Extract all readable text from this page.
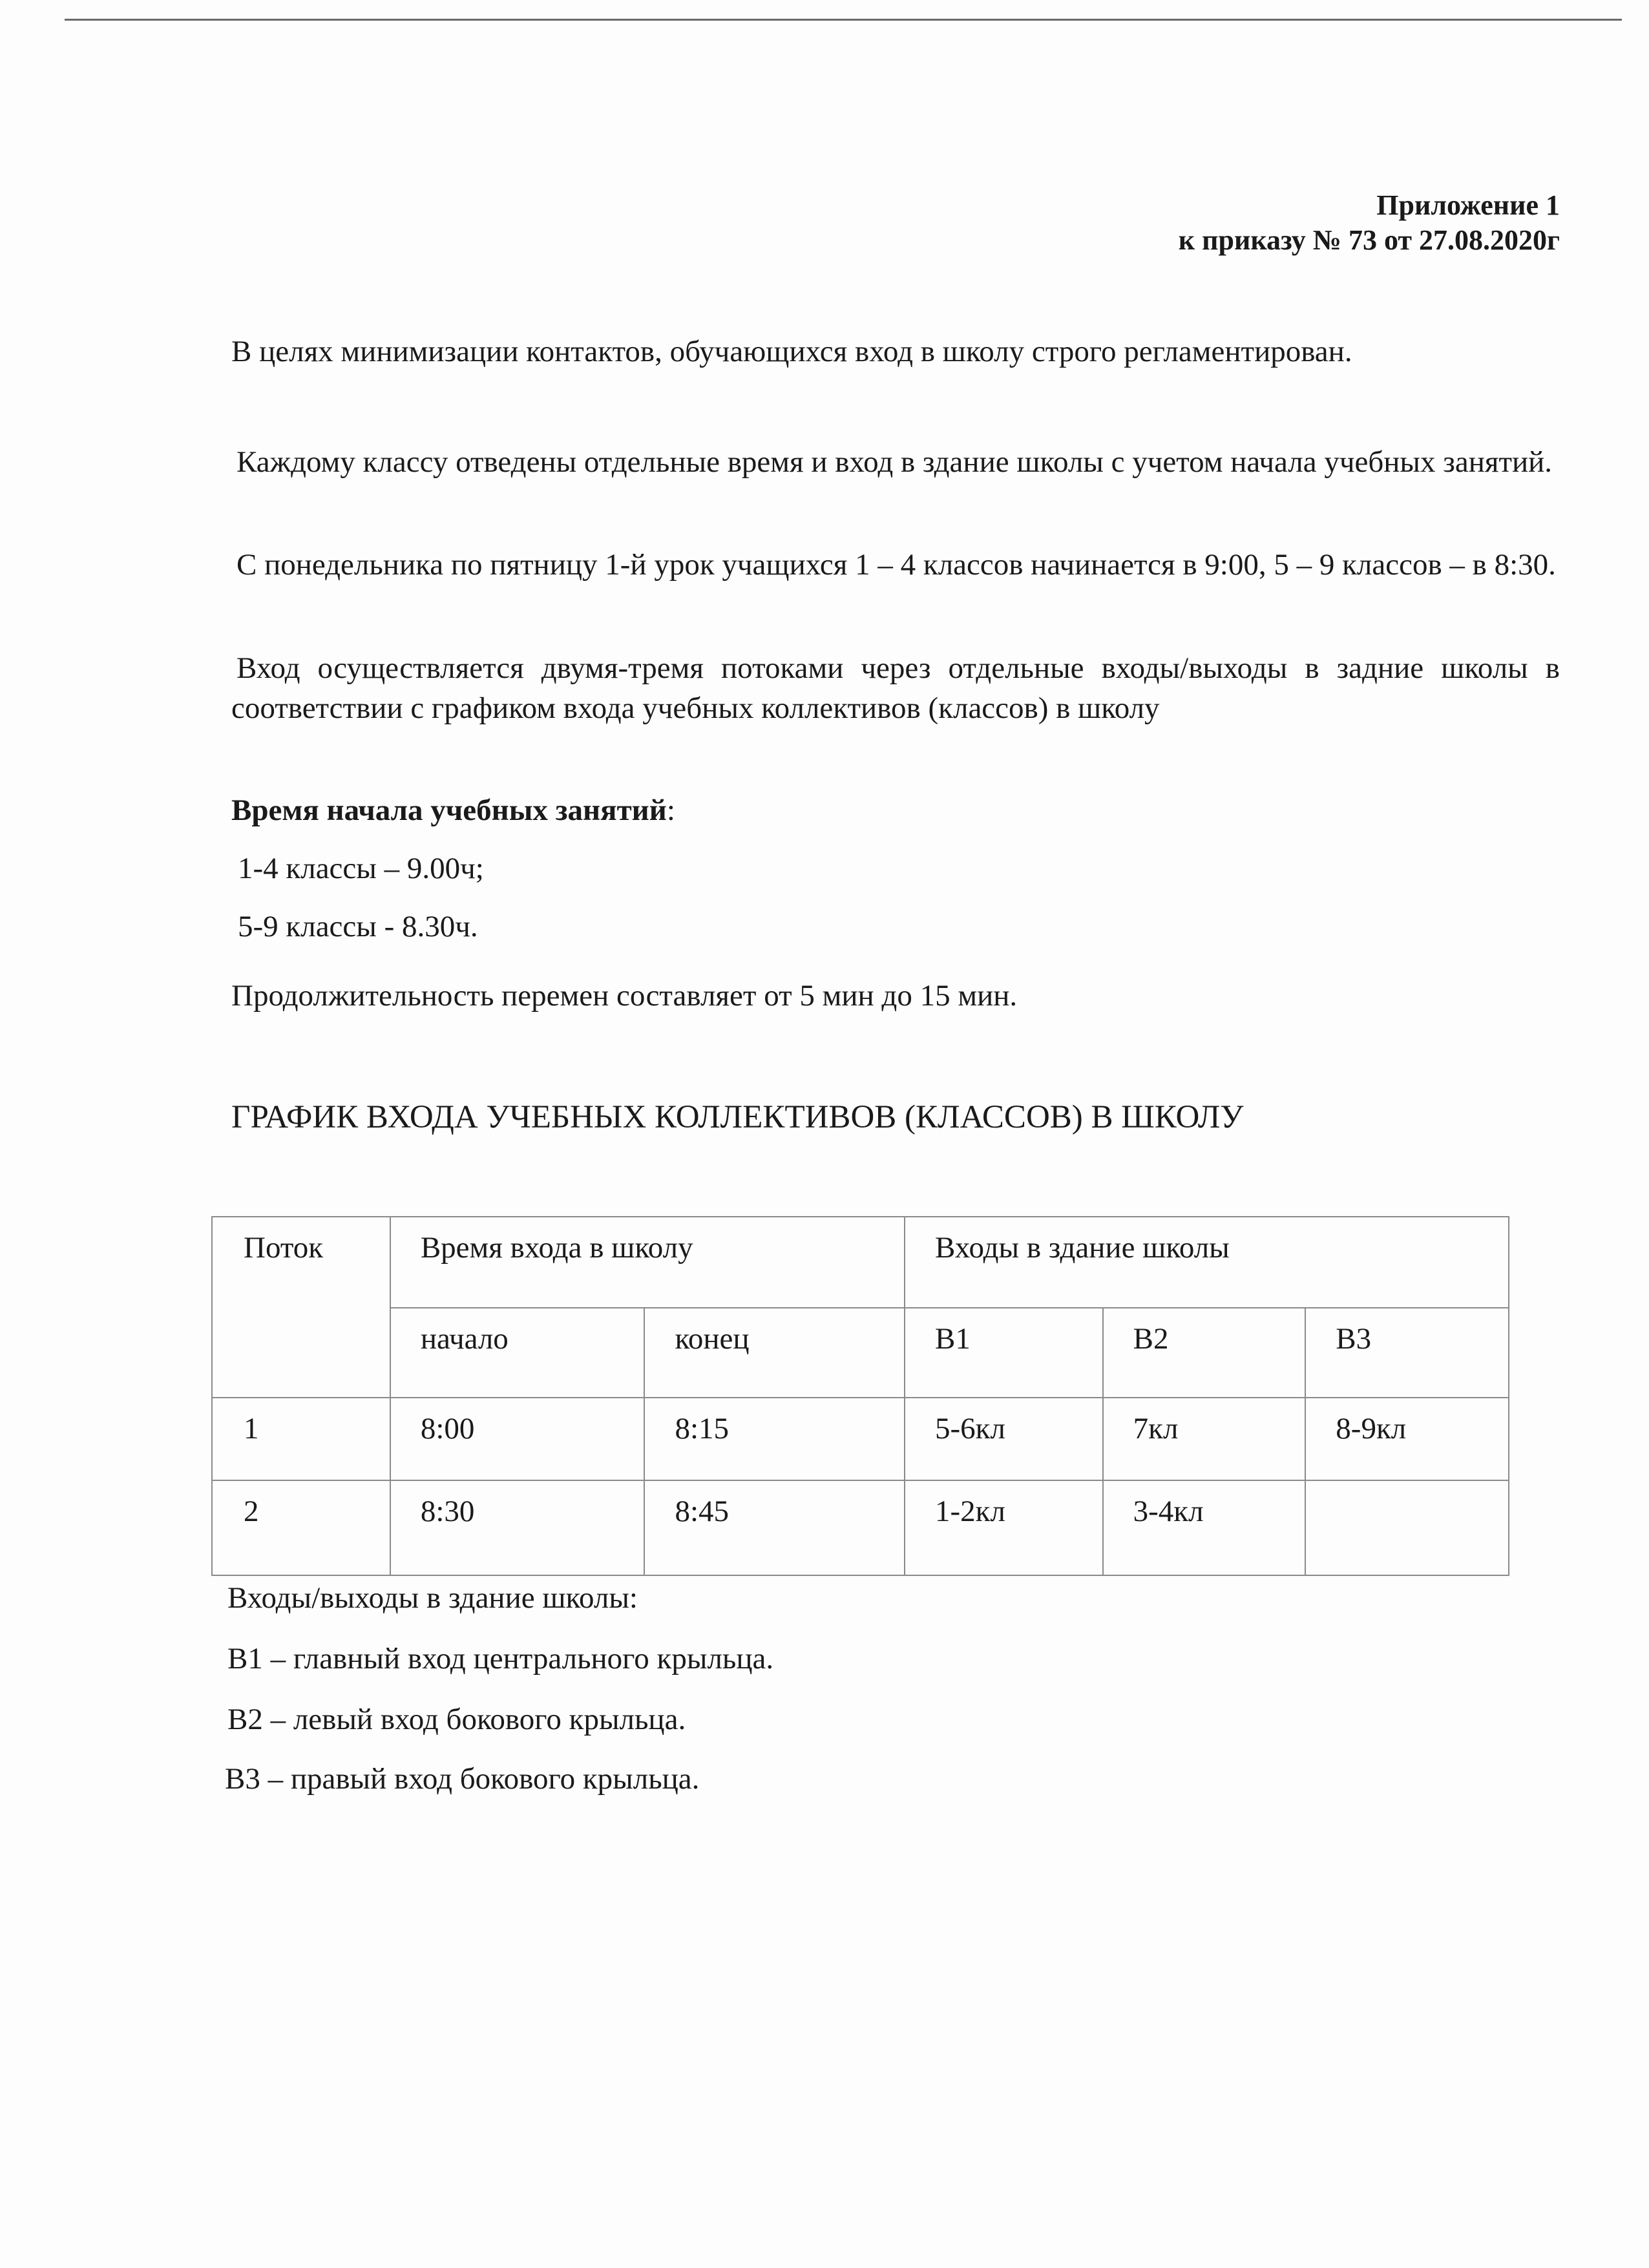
Приложение 1
к приказу № 73 от 27.08.2020г

В целях минимизации контактов, обучающихся вход в школу строго регламентирован.

Каждому классу отведены отдельные время и вход в здание школы с учетом начала учебных занятий.

С понедельника по пятницу 1-й урок учащихся 1 – 4 классов начинается в 9:00, 5 – 9 классов – в 8:30.

Вход осуществляется двумя-тремя потоками через отдельные входы/выходы в задние школы в соответствии с графиком входа учебных коллективов (классов) в школу

Время начала учебных занятий:
1-4 классы – 9.00ч;
5-9 классы - 8.30ч.
Продолжительность перемен составляет от 5 мин до 15 мин.
ГРАФИК ВХОДА УЧЕБНЫХ КОЛЛЕКТИВОВ (КЛАССОВ) В ШКОЛУ
Поток	Время входа в школу		Входы в здание школы		
	начало	конец	В1	В2	В3
1	8:00	8:15	5-6кл	7кл	8-9кл
2	8:30	8:45	1-2кл	3-4кл	
Входы/выходы в здание школы:
В1 – главный вход центрального крыльца.
В2 – левый вход бокового крыльца.
В3 – правый вход бокового крыльца.
